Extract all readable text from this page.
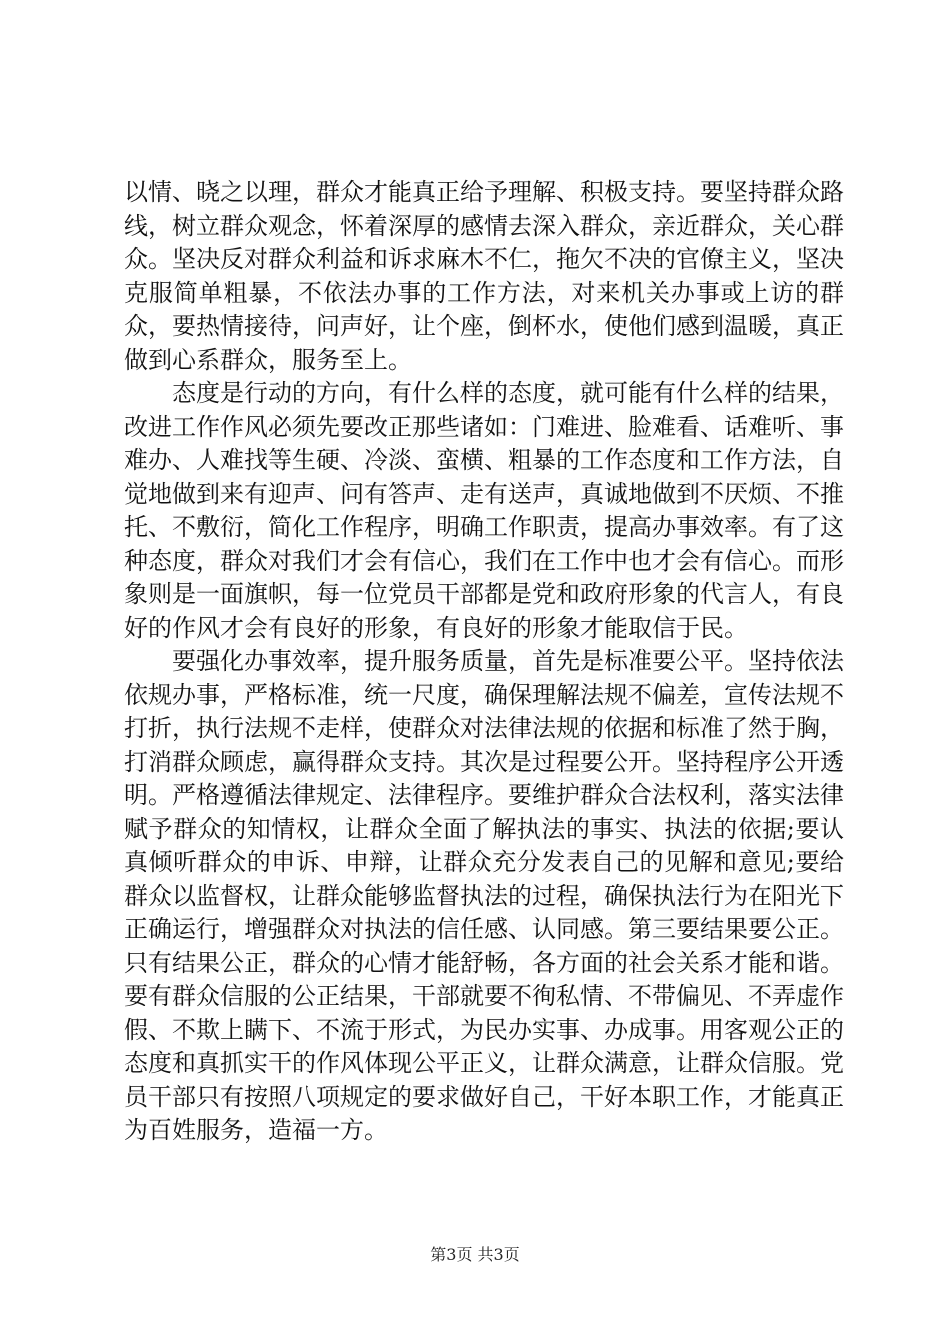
以情、晓之以理，群众才能真正给予理解、积极支持。要坚持群众路线，树立群众观念，怀着深厚的感情去深入群众，亲近群众，关心群众。坚决反对群众利益和诉求麻木不仁，拖欠不决的官僚主义，坚决克服简单粗暴，不依法办事的工作方法，对来机关办事或上访的群众，要热情接待，问声好，让个座，倒杯水，使他们感到温暖，真正做到心系群众，服务至上。

态度是行动的方向，有什么样的态度，就可能有什么样的结果，改进工作作风必须先要改正那些诸如：门难进、脸难看、话难听、事难办、人难找等生硬、冷淡、蛮横、粗暴的工作态度和工作方法，自觉地做到来有迎声、问有答声、走有送声，真诚地做到不厌烦、不推托、不敷衍，简化工作程序，明确工作职责，提高办事效率。有了这种态度，群众对我们才会有信心，我们在工作中也才会有信心。而形象则是一面旗帜，每一位党员干部都是党和政府形象的代言人，有良好的作风才会有良好的形象，有良好的形象才能取信于民。

要强化办事效率，提升服务质量，首先是标准要公平。坚持依法依规办事，严格标准，统一尺度，确保理解法规不偏差，宣传法规不打折，执行法规不走样，使群众对法律法规的依据和标准了然于胸，打消群众顾虑，赢得群众支持。其次是过程要公开。坚持程序公开透明。严格遵循法律规定、法律程序。要维护群众合法权利，落实法律赋予群众的知情权，让群众全面了解执法的事实、执法的依据;要认真倾听群众的申诉、申辩，让群众充分发表自己的见解和意见;要给群众以监督权，让群众能够监督执法的过程，确保执法行为在阳光下正确运行，增强群众对执法的信任感、认同感。第三要结果要公正。只有结果公正，群众的心情才能舒畅，各方面的社会关系才能和谐。要有群众信服的公正结果，干部就要不徇私情、不带偏见、不弄虚作假、不欺上瞒下、不流于形式，为民办实事、办成事。用客观公正的态度和真抓实干的作风体现公平正义，让群众满意，让群众信服。党员干部只有按照八项规定的要求做好自己，干好本职工作，才能真正为百姓服务，造福一方。

第3页 共3页
